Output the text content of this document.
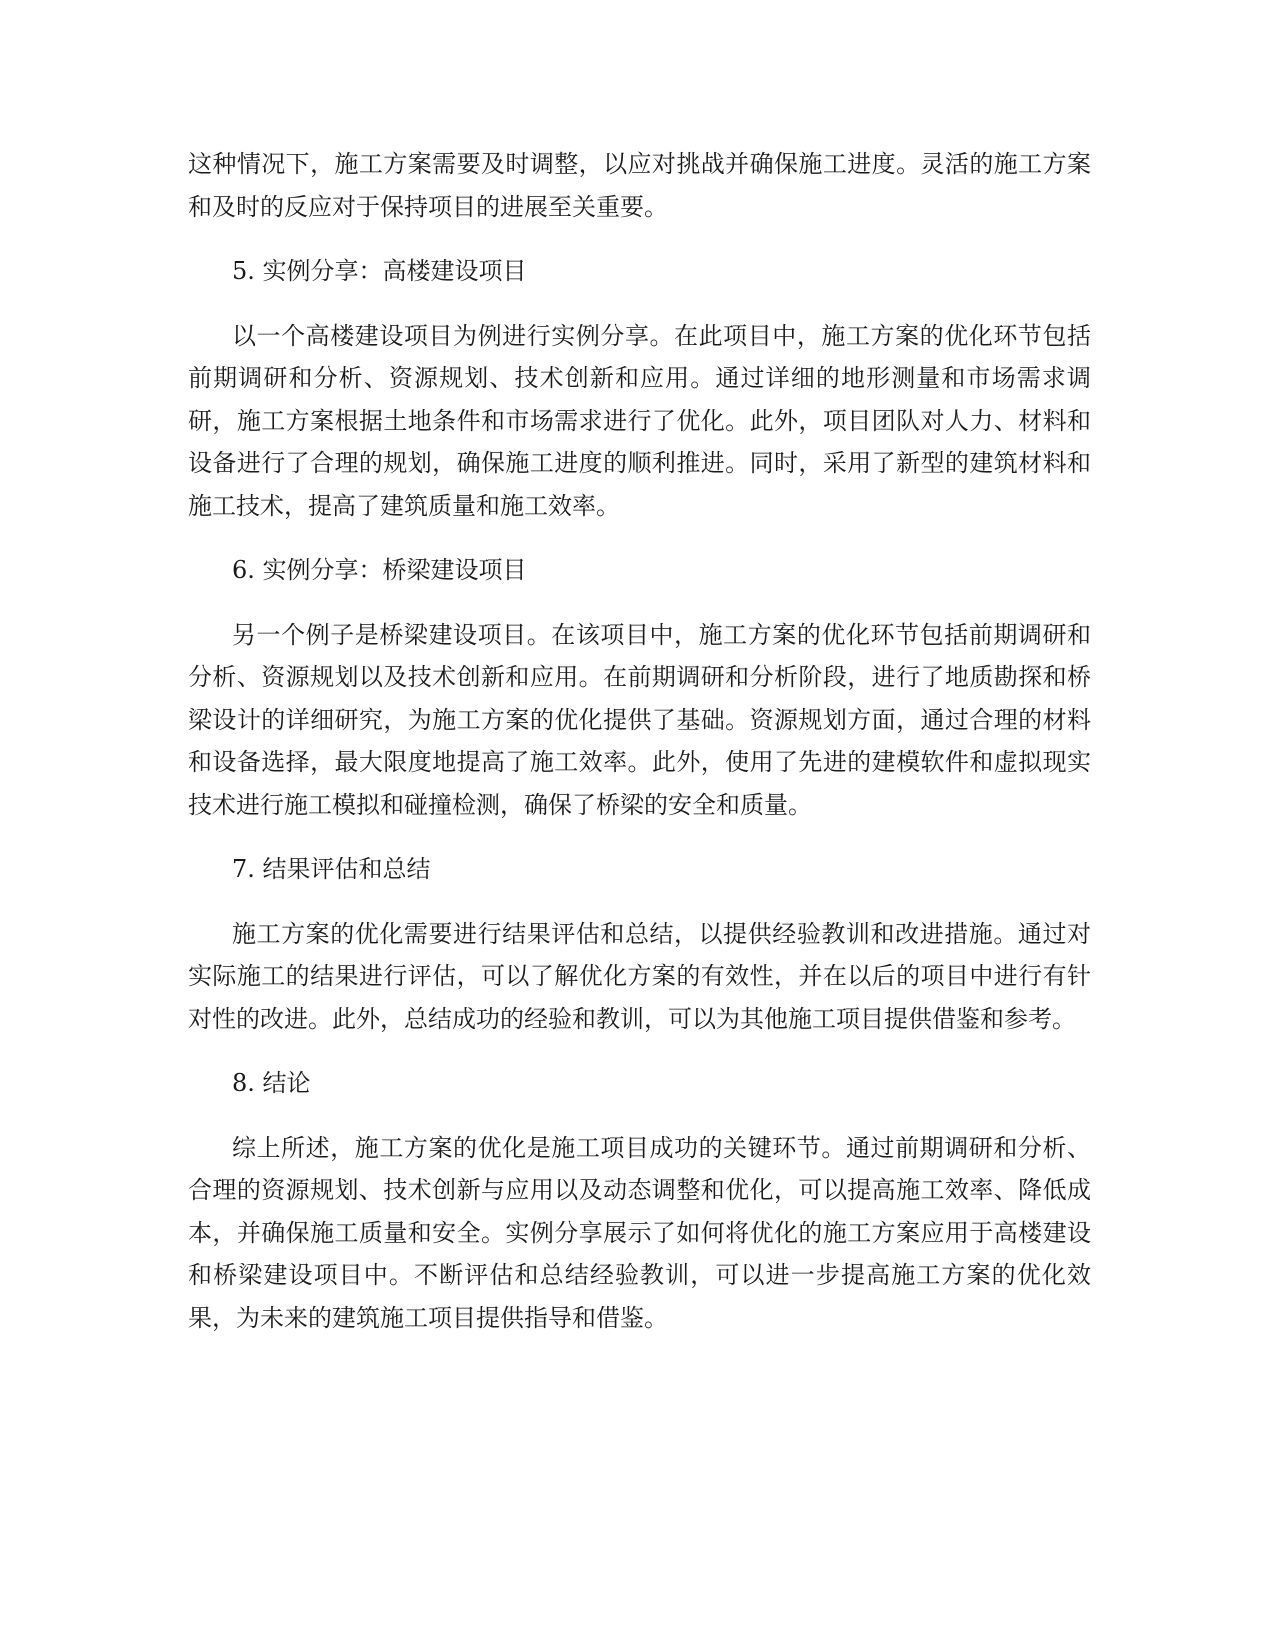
这种情况下，施工方案需要及时调整，以应对挑战并确保施工进度。灵活的施工方案和及时的反应对于保持项目的进展至关重要。

5. 实例分享：高楼建设项目

以一个高楼建设项目为例进行实例分享。在此项目中，施工方案的优化环节包括前期调研和分析、资源规划、技术创新和应用。通过详细的地形测量和市场需求调研，施工方案根据土地条件和市场需求进行了优化。此外，项目团队对人力、材料和设备进行了合理的规划，确保施工进度的顺利推进。同时，采用了新型的建筑材料和施工技术，提高了建筑质量和施工效率。

6. 实例分享：桥梁建设项目

另一个例子是桥梁建设项目。在该项目中，施工方案的优化环节包括前期调研和分析、资源规划以及技术创新和应用。在前期调研和分析阶段，进行了地质勘探和桥梁设计的详细研究，为施工方案的优化提供了基础。资源规划方面，通过合理的材料和设备选择，最大限度地提高了施工效率。此外，使用了先进的建模软件和虚拟现实技术进行施工模拟和碰撞检测，确保了桥梁的安全和质量。

7. 结果评估和总结

施工方案的优化需要进行结果评估和总结，以提供经验教训和改进措施。通过对实际施工的结果进行评估，可以了解优化方案的有效性，并在以后的项目中进行有针对性的改进。此外，总结成功的经验和教训，可以为其他施工项目提供借鉴和参考。

8. 结论

综上所述，施工方案的优化是施工项目成功的关键环节。通过前期调研和分析、合理的资源规划、技术创新与应用以及动态调整和优化，可以提高施工效率、降低成本，并确保施工质量和安全。实例分享展示了如何将优化的施工方案应用于高楼建设和桥梁建设项目中。不断评估和总结经验教训，可以进一步提高施工方案的优化效果，为未来的建筑施工项目提供指导和借鉴。
